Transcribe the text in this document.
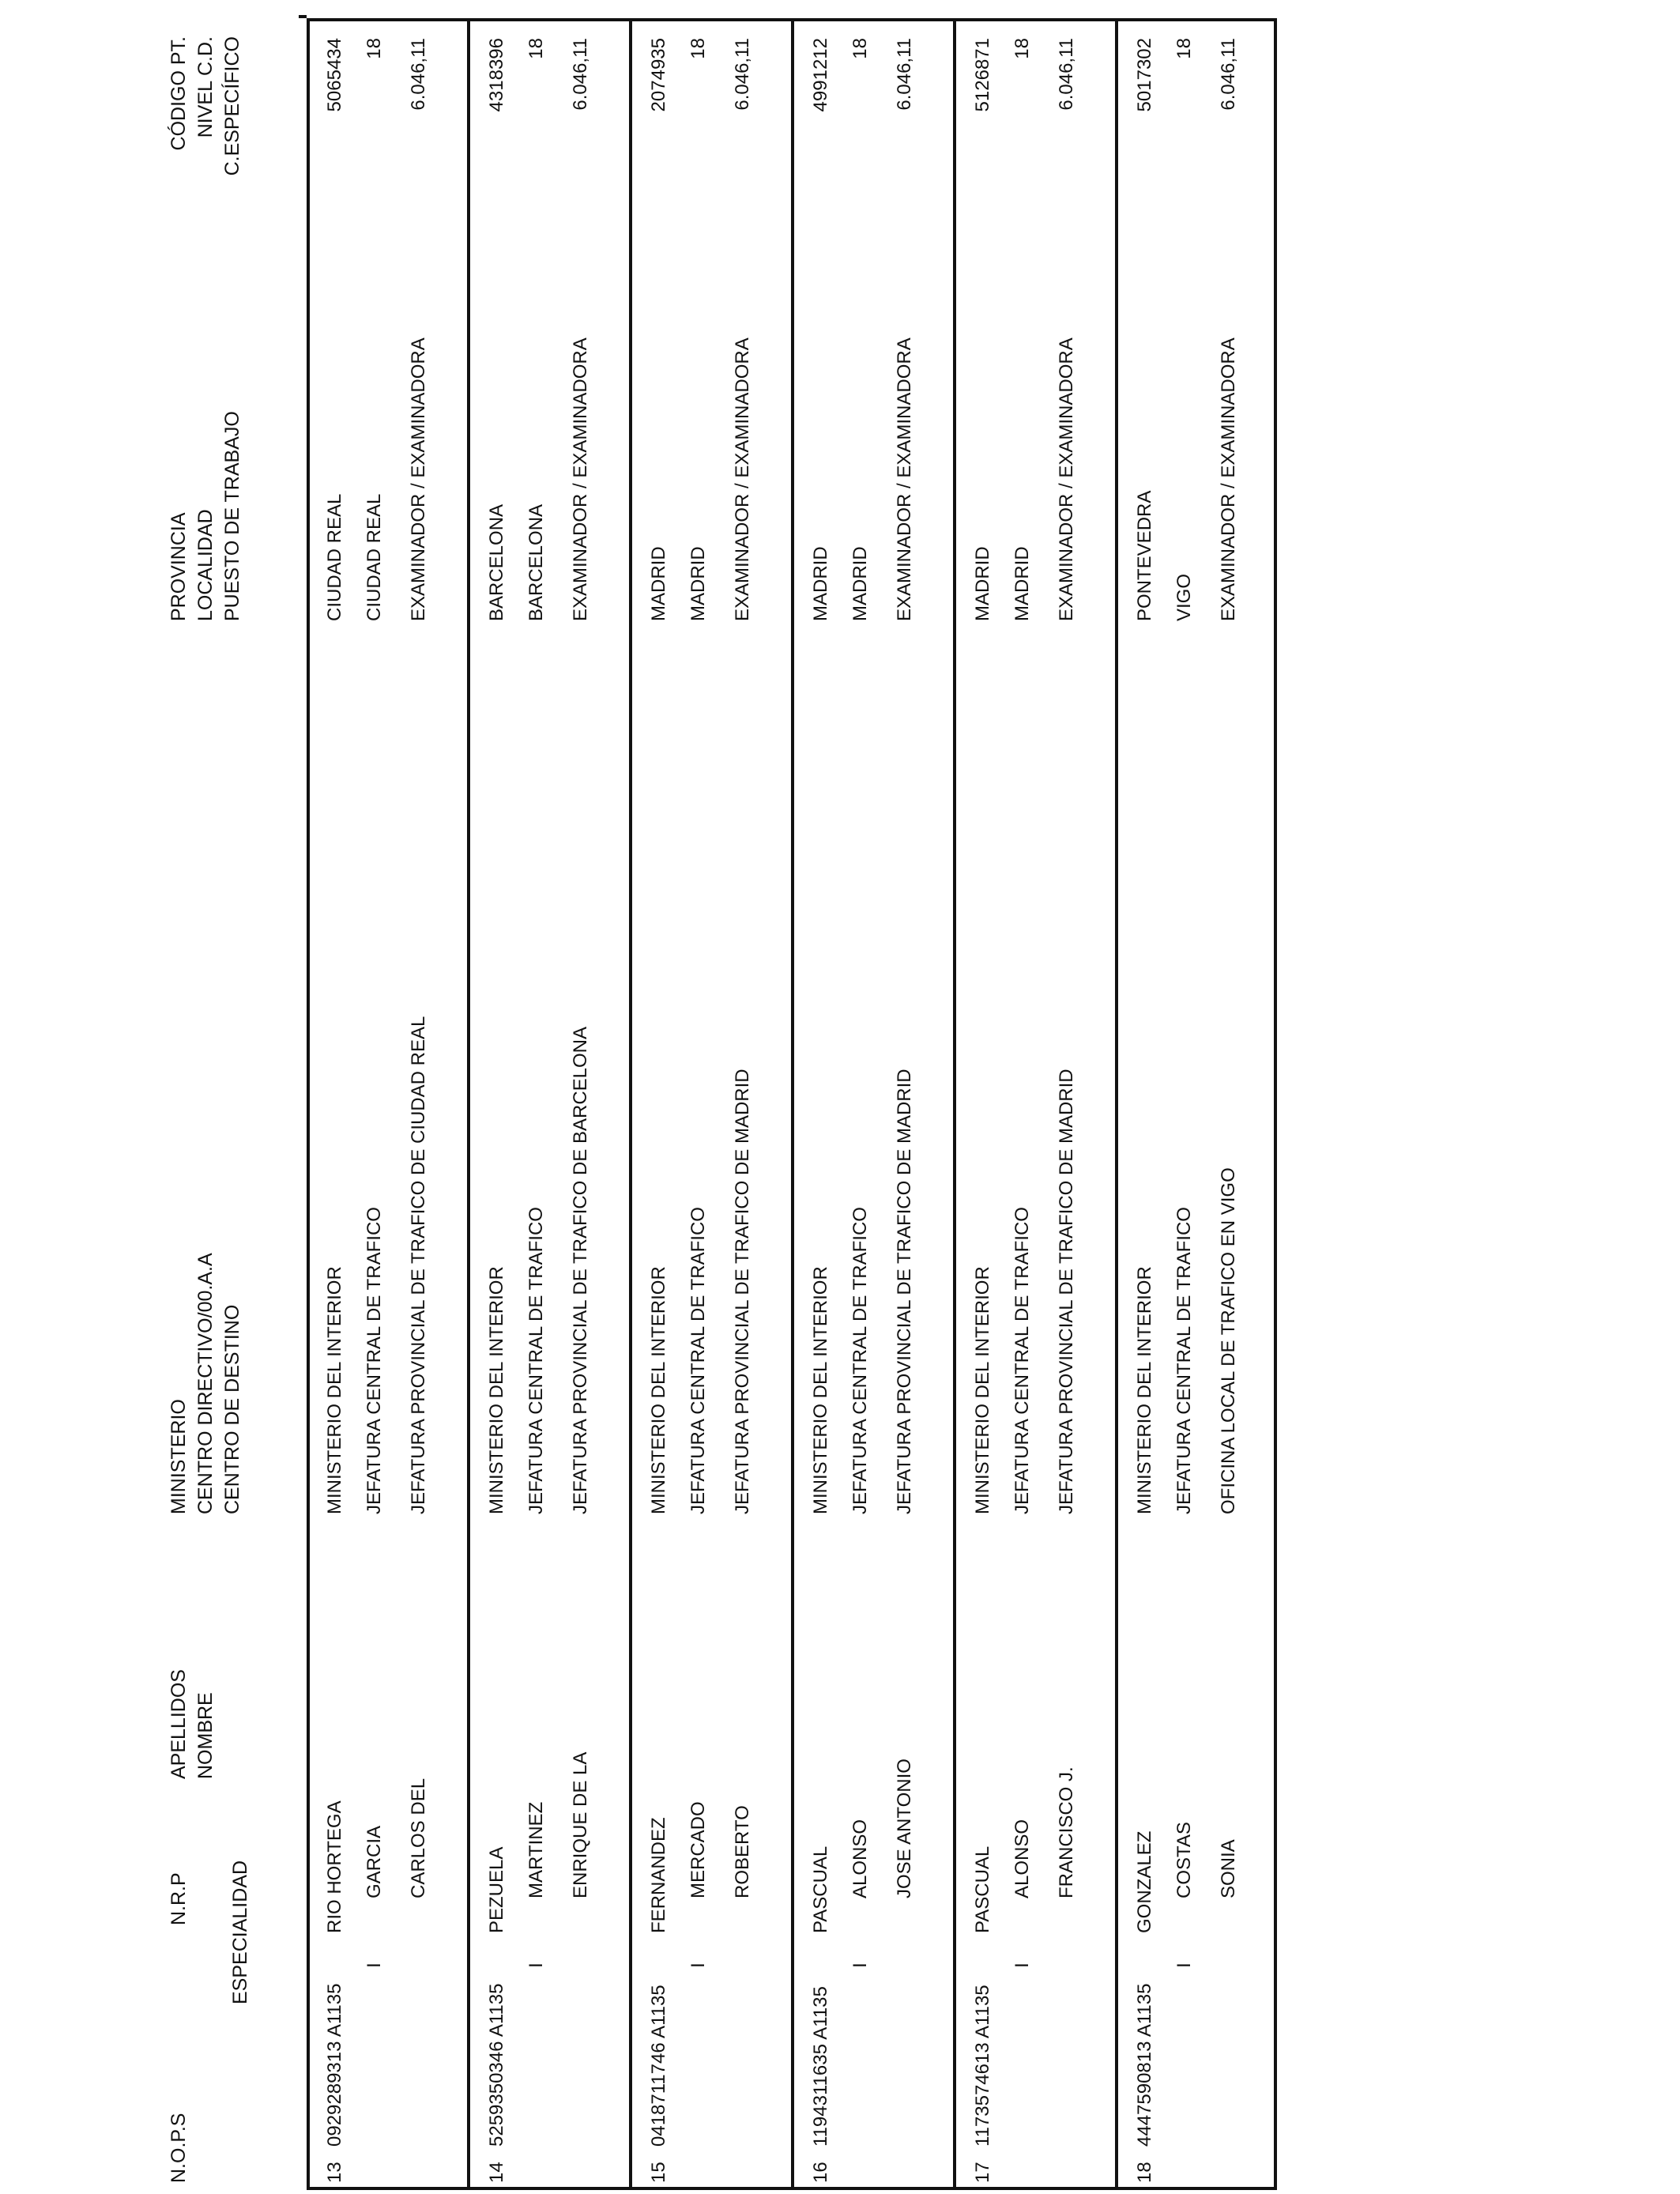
N.O.P.S
N.R.P ESPECIALIDAD
APELLIDOS NOMBRE
MINISTERIO CENTRO DIRECTIVO/00.A.A CENTRO DE DESTINO
PROVINCIA LOCALIDAD PUESTO DE TRABAJO
CÓDIGO PT. NIVEL C.D. C.ESPECÍFICO
13
0929289313 A1135
RIO HORTEGA GARCIA CARLOS DEL
MINISTERIO DEL INTERIOR JEFATURA CENTRAL DE TRAFICO JEFATURA PROVINCIAL DE TRAFICO DE CIUDAD REAL
CIUDAD REAL CIUDAD REAL EXAMINADOR / EXAMINADORA
I
5065434 18 6.046,11
14
5259350346 A1135
PEZUELA MARTINEZ ENRIQUE DE LA
MINISTERIO DEL INTERIOR JEFATURA CENTRAL DE TRAFICO JEFATURA PROVINCIAL DE TRAFICO DE BARCELONA
BARCELONA BARCELONA EXAMINADOR / EXAMINADORA
I
4318396 18 6.046,11
15
0418711746 A1135
FERNANDEZ MERCADO ROBERTO
MINISTERIO DEL INTERIOR JEFATURA CENTRAL DE TRAFICO JEFATURA PROVINCIAL DE TRAFICO DE MADRID
MADRID MADRID EXAMINADOR / EXAMINADORA
I
2074935 18 6.046,11
16
1194311635 A1135
PASCUAL ALONSO JOSE ANTONIO
MINISTERIO DEL INTERIOR JEFATURA CENTRAL DE TRAFICO JEFATURA PROVINCIAL DE TRAFICO DE MADRID
MADRID MADRID EXAMINADOR / EXAMINADORA
I
4991212 18 6.046,11
17
1173574613 A1135
PASCUAL ALONSO FRANCISCO J.
MINISTERIO DEL INTERIOR JEFATURA CENTRAL DE TRAFICO JEFATURA PROVINCIAL DE TRAFICO DE MADRID
MADRID MADRID EXAMINADOR / EXAMINADORA
I
5126871 18 6.046,11
18
4447590813 A1135
GONZALEZ COSTAS SONIA
MINISTERIO DEL INTERIOR JEFATURA CENTRAL DE TRAFICO OFICINA LOCAL DE TRAFICO EN VIGO
PONTEVEDRA VIGO EXAMINADOR / EXAMINADORA
I
5017302 18 6.046,11
